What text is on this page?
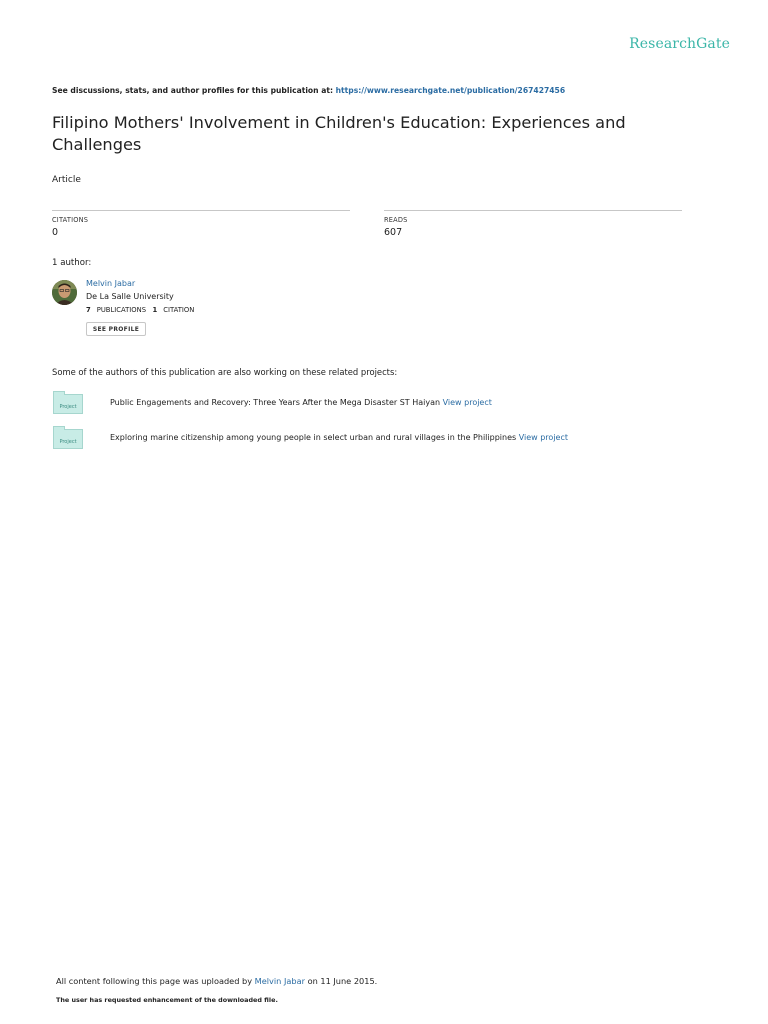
ResearchGate
See discussions, stats, and author profiles for this publication at: https://www.researchgate.net/publication/267427456
Filipino Mothers' Involvement in Children's Education: Experiences and Challenges
Article
CITATIONS
0
READS
607
1 author:
Melvin Jabar
De La Salle University
7 PUBLICATIONS 1 CITATION
SEE PROFILE
Some of the authors of this publication are also working on these related projects:
Project	Public Engagements and Recovery: Three Years After the Mega Disaster ST Haiyan View project
Project	Exploring marine citizenship among young people in select urban and rural villages in the Philippines View project
All content following this page was uploaded by Melvin Jabar on 11 June 2015.
The user has requested enhancement of the downloaded file.
